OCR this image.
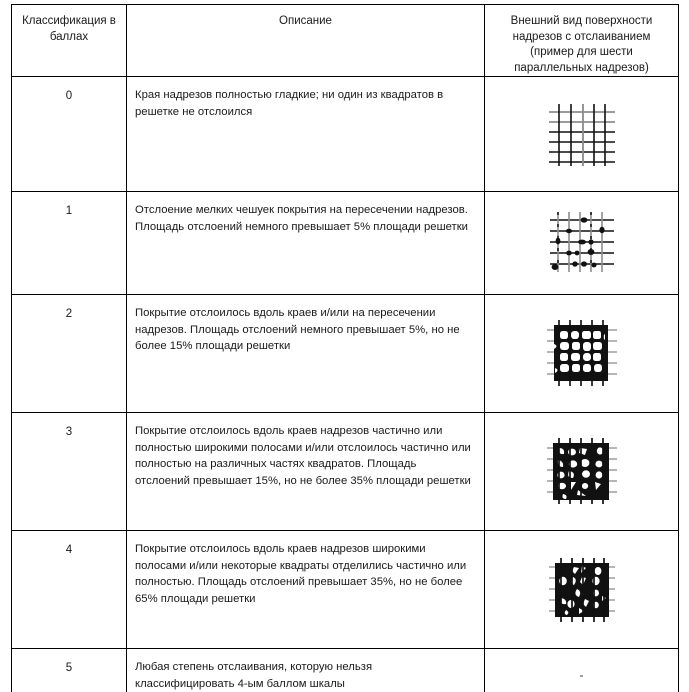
Классификация в баллах	Описание	Внешний вид поверхности надрезов с отслаиванием (пример для шести параллельных надрезов)

0	Края надрезов полностью гладкие; ни один из квадратов в решетке не отслоился

1	Отслоение мелких чешуек покрытия на пересечении надрезов. Площадь отслоений немного превышает 5% площади решетки

2	Покрытие отслоилось вдоль краев и/или на пересечении надрезов. Площадь отслоений немного превышает 5%, но не более 15% площади решетки

3	Покрытие отслоилось вдоль краев надрезов частично или полностью широкими полосами и/или отслоилось частично или полностью на различных частях квадратов. Площадь отслоений превышает 15%, но не более 35% площади решетки

4	Покрытие отслоилось вдоль краев надрезов широкими полосами и/или некоторые квадраты отделились частично или полностью. Площадь отслоений превышает 35%, но не более 65% площади решетки

5	Любая степень отслаивания, которую нельзя классифицировать 4-ым баллом шкалы	-
